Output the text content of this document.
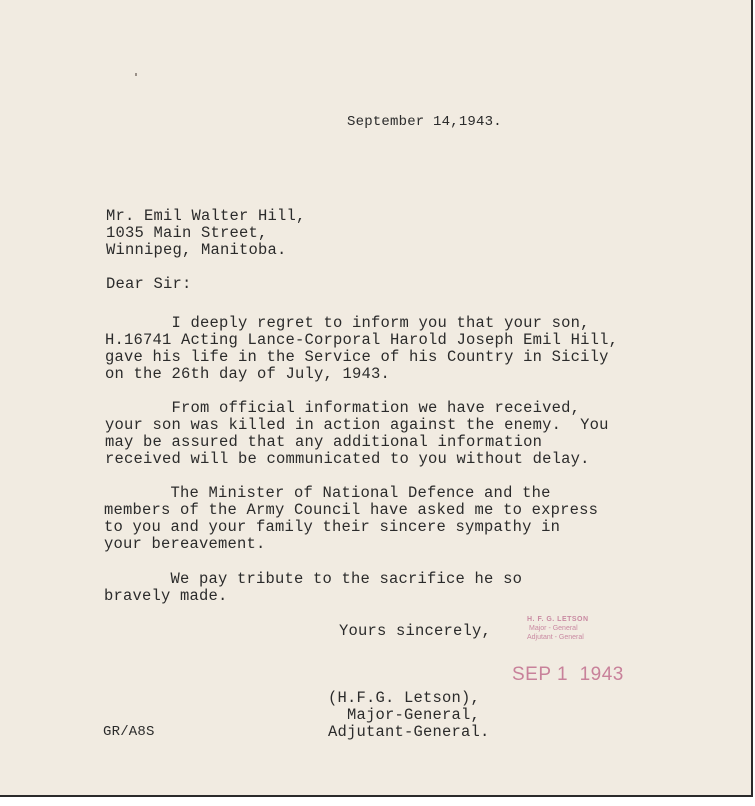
September 14,1943.
Mr. Emil Walter Hill,
1035 Main Street,
Winnipeg, Manitoba.
Dear Sir:
I deeply regret to inform you that your son,
H.16741 Acting Lance-Corporal Harold Joseph Emil Hill,
gave his life in the Service of his Country in Sicily
on the 26th day of July, 1943.
From official information we have received,
your son was killed in action against the enemy.  You
may be assured that any additional information
received will be communicated to you without delay.
The Minister of National Defence and the
members of the Army Council have asked me to express
to you and your family their sincere sympathy in
your bereavement.
We pay tribute to the sacrifice he so
bravely made.
Yours sincerely,
H. F. G. LETSON
Major - General
Adjutant - General
SEP 1  1943
(H.F.G. Letson),
Major-General,
Adjutant-General.
GR/A8S
